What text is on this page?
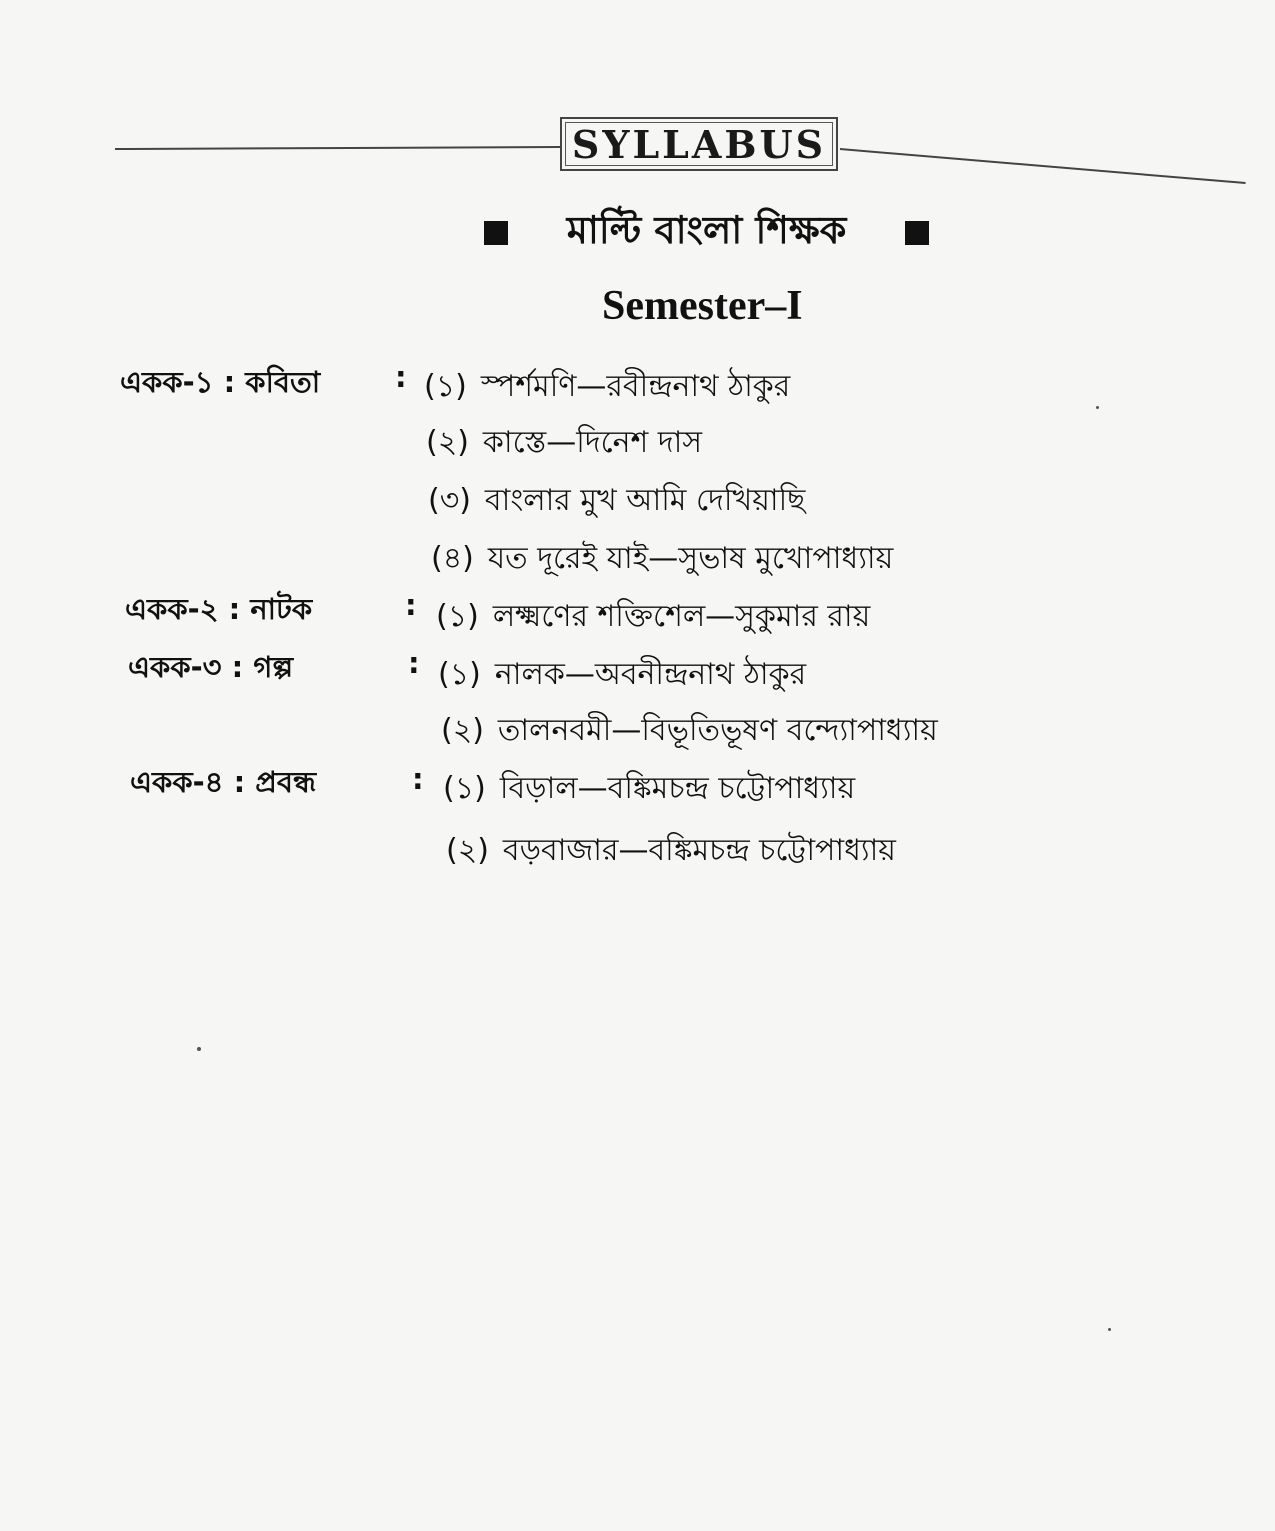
SYLLABUS
মাল্টি বাংলা শিক্ষক
Semester–I
একক-১ : কবিতা	: (১) স্পর্শমণি—রবীন্দ্রনাথ ঠাকুর
(২) কাস্তে—দিনেশ দাস
(৩) বাংলার মুখ আমি দেখিয়াছি
(৪) যত দূরেই যাই—সুভাষ মুখোপাধ্যায়
একক-২ : নাটক	: (১) লক্ষ্মণের শক্তিশেল—সুকুমার রায়
একক-৩ : গল্প	: (১) নালক—অবনীন্দ্রনাথ ঠাকুর
(২) তালনবমী—বিভূতিভূষণ বন্দ্যোপাধ্যায়
একক-৪ : প্রবন্ধ	: (১) বিড়াল—বঙ্কিমচন্দ্র চট্টোপাধ্যায়
(২) বড়বাজার—বঙ্কিমচন্দ্র চট্টোপাধ্যায়
